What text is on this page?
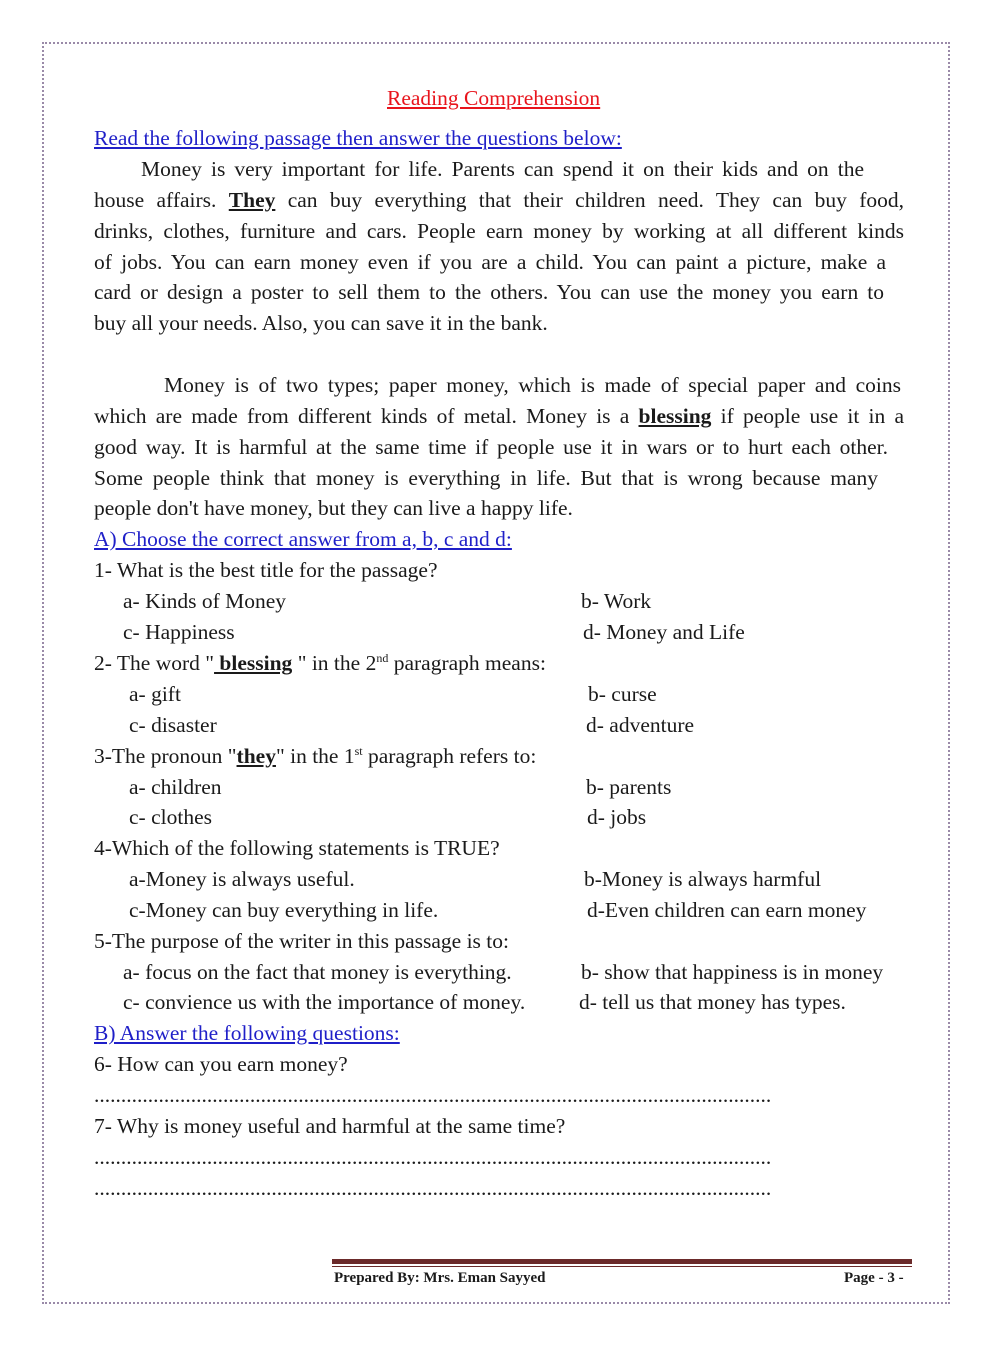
Reading Comprehension
Read the following passage then answer the questions below:
Money is very important for life. Parents can spend it on their kids and on the
house affairs. They can buy everything that their children need. They can buy food,
drinks, clothes, furniture and cars. People earn money by working at all different kinds
of jobs. You can earn money even if you are a child. You can paint a picture, make a
card or design a poster to sell them to the others. You can use the money you earn to
buy all your needs. Also, you can save it in the bank.
Money is of two types; paper money, which is made of special paper and coins
which are made from different kinds of metal. Money is a blessing if people use it in a
good way. It is harmful at the same time if people use it in wars or to hurt each other.
Some people think that money is everything in life. But that is wrong because many
people don't have money, but they can live a happy life.
A) Choose the correct answer from a, b, c and d:
1- What is the best title for the passage?
a- Kinds of Money	b- Work
c- Happiness	d- Money and Life
2- The word " blessing " in the 2nd paragraph means:
a- gift	b- curse
c- disaster	d- adventure
3-The pronoun "they" in the 1st paragraph refers to:
a- children	b- parents
c- clothes	d- jobs
4-Which of the following statements is TRUE?
a-Money is always useful.	b-Money is always harmful
c-Money can buy everything in life.	d-Even children can earn money
5-The purpose of the writer in this passage is to:
a- focus on the fact that money is everything.	b- show that happiness is in money
c- convience us with the importance of money.	d- tell us that money has types.
B) Answer the following questions:
6- How can you earn money?
..............................................................................................................................
7- Why is money useful and harmful at the same time?
..............................................................................................................................
..............................................................................................................................
Prepared By: Mrs. Eman Sayyed	Page - 3 -
